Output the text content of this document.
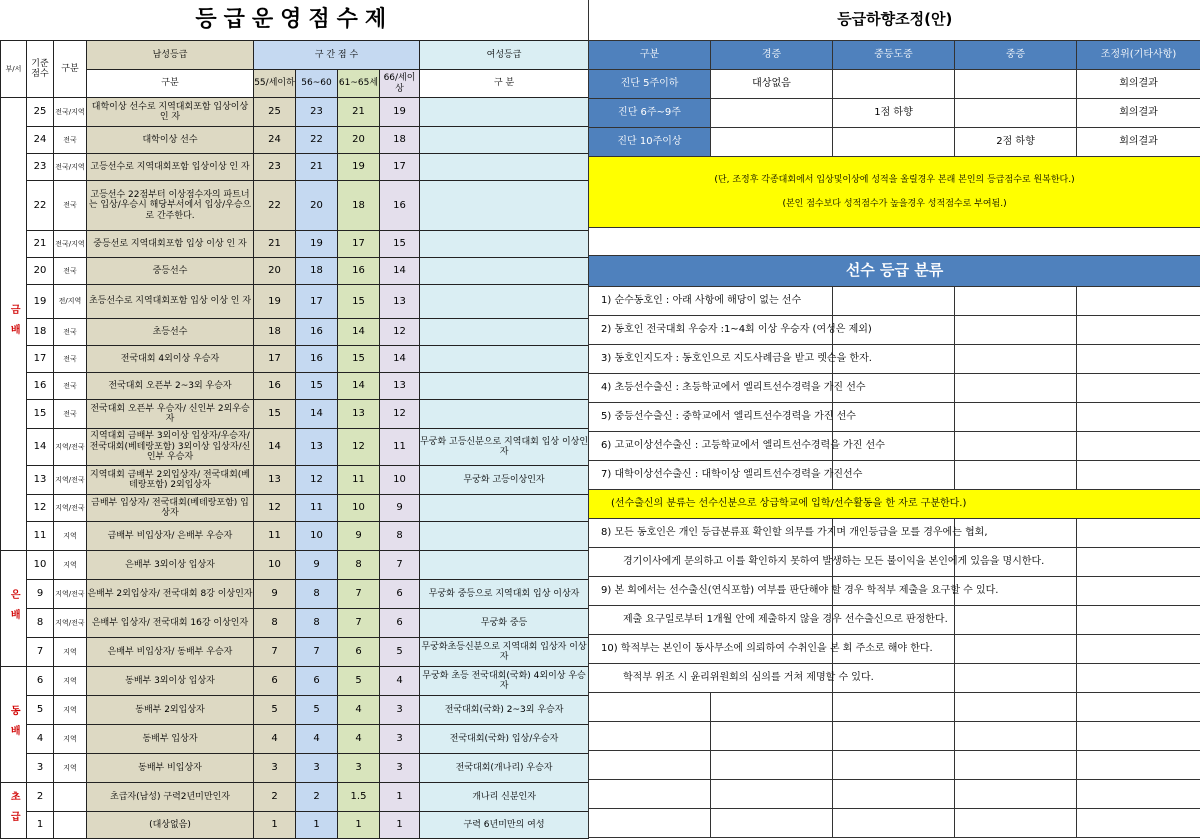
등급운영점수제								
부/서	기준 점수	구분	남성등급	구 간 점 수				여성등급
			구분	55/세이하	56~60	61~65세	66/세이상	구 분
금배	25	전국/지역	대학이상 선수로 지역대회포함 입상이상 인 자	25	23	21	19	
	24	전국	대학이상 선수	24	22	20	18	
	23	전국/지역	고등선수로 지역대회포함 입상이상 인 자	23	21	19	17	
	22	전국	고등선수 22점부터 이상점수자의 파트너는 입상/우승시 해당부서에서 입상/우승으로 간주한다.	22	20	18	16	
	21	전국/지역	중등선로 지역대회포함 입상 이상 인 자	21	19	17	15	
	20	전국	중등선수	20	18	16	14	
	19	전/지역	초등선수로 지역대회포함 입상 이상 인 자	19	17	15	13	
	18	전국	초등선수	18	16	14	12	
	17	전국	전국대회 4외이상 우승자	17	16	15	14	
	16	전국	전국대회 오픈부 2~3외 우승자	16	15	14	13	
	15	전국	전국대회 오픈부 우승자/ 신인부 2외우승자	15	14	13	12	
	14	지역/전국	지역대회 금배부 3외이상 입상자/우승자/ 전국대회(베테랑포함) 3외이상 입상자/신인부 우승자	14	13	12	11	무궁화 고등신분으로 지역대회 입상 이상인자
	13	지역/전국	지역대회 금배부 2외입상자/ 전국대회(베테랑포함) 2외입상자	13	12	11	10	무궁화 고등이상인자
	12	지역/전국	금배부 입상자/ 전국대회(베테랑포함) 입상자	12	11	10	9	
	11	지역	금배부 비입상자/ 은배부 우승자	11	10	9	8	
은배	10	지역	은배부 3외이상 입상자	10	9	8	7	
	9	지역/전국	은배부 2외입상자/ 전국대회 8강 이상인자	9	8	7	6	무궁화 중등으로 지역대회 입상 이상자
	8	지역/전국	은배부 입상자/ 전국대회 16강 이상인자	8	8	7	6	무궁화 중등
	7	지역	은배부 비입상자/ 동배부 우승자	7	7	6	5	무궁화초등신분으로 지역대회 입상자 이상자
동배	6	지역	동배부 3외이상 입상자	6	6	5	4	무궁화 초등 전국대회(국화) 4외이상 우승자
	5	지역	동배부 2외입상자	5	5	4	3	전국대회(국화) 2~3외 우승자
	4	지역	동배부 입상자	4	4	4	3	전국대회(국화) 입상/우승자
	3	지역	동배부 비입상자	3	3	3	3	전국대회(개나리) 우승자
초급	2		초급자(남성) 구력2년미만인자	2	2	1.5	1	개나리 신분인자
	1		(대상없음)	1	1	1	1	구력 6년미만의 여성
등급하향조정(안)				
구분	경증	중등도증	중증	조정위(기타사항)
진단 5주이하	대상없음			회의결과
진단 6주~9주		1점 하향		회의결과
진단 10주이상			2점 하향	회의결과

(단, 조정후 각종대회에서 입상및이상에 성적을 올릴경우 본래 본인의 등급점수로 원복한다.)
(본인 점수보다 성적점수가 높을경우 성적점수로 부여됨.)				

선수 등급 분류				
1) 순수동호인 : 아래 사항에 해당이 없는 선수				
2) 동호인 전국대회 우승자 :1~4회 이상 우승자 (여성은 제외)				
3) 동호인지도자 : 동호인으로 지도사례금을 받고 렛슨을 한자.				
4) 초등선수출신 : 초등학교에서 엘리트선수경력을 가진 선수				
5) 중등선수출신 : 중학교에서 엘리트선수경력을 가진 선수				
6) 고교이상선수출신 : 고등학교에서 엘리트선수경력을 가진 선수				
7) 대학이상선수출신 : 대학이상 엘리트선수경력을 가진선수				
(선수출신의 분류는 선수신분으로 상급학교에 입학/선수활동을 한 자로 구분한다.)				
8) 모든 동호인은 개인 등급분류표 확인할 의무를 가지며 개인등급을 모를 경우에는 협회,				
경기이사에게 문의하고 이를 확인하지 못하여 발생하는 모든 불이익을 본인에게 있음을 명시한다.				
9) 본 회에서는 선수출신(연식포함) 여부를 판단해야 할 경우 학적부 제출을 요구할 수 있다.				
제출 요구일로부터 1개월 안에 제출하지 않을 경우 선수출신으로 판정한다.				
10) 학적부는 본인이 동사무소에 의뢰하여 수취인을 본 회 주소로 해야 한다.				
학적부 위조 시 윤리위원회의 심의를 거쳐 제명할 수 있다.				
